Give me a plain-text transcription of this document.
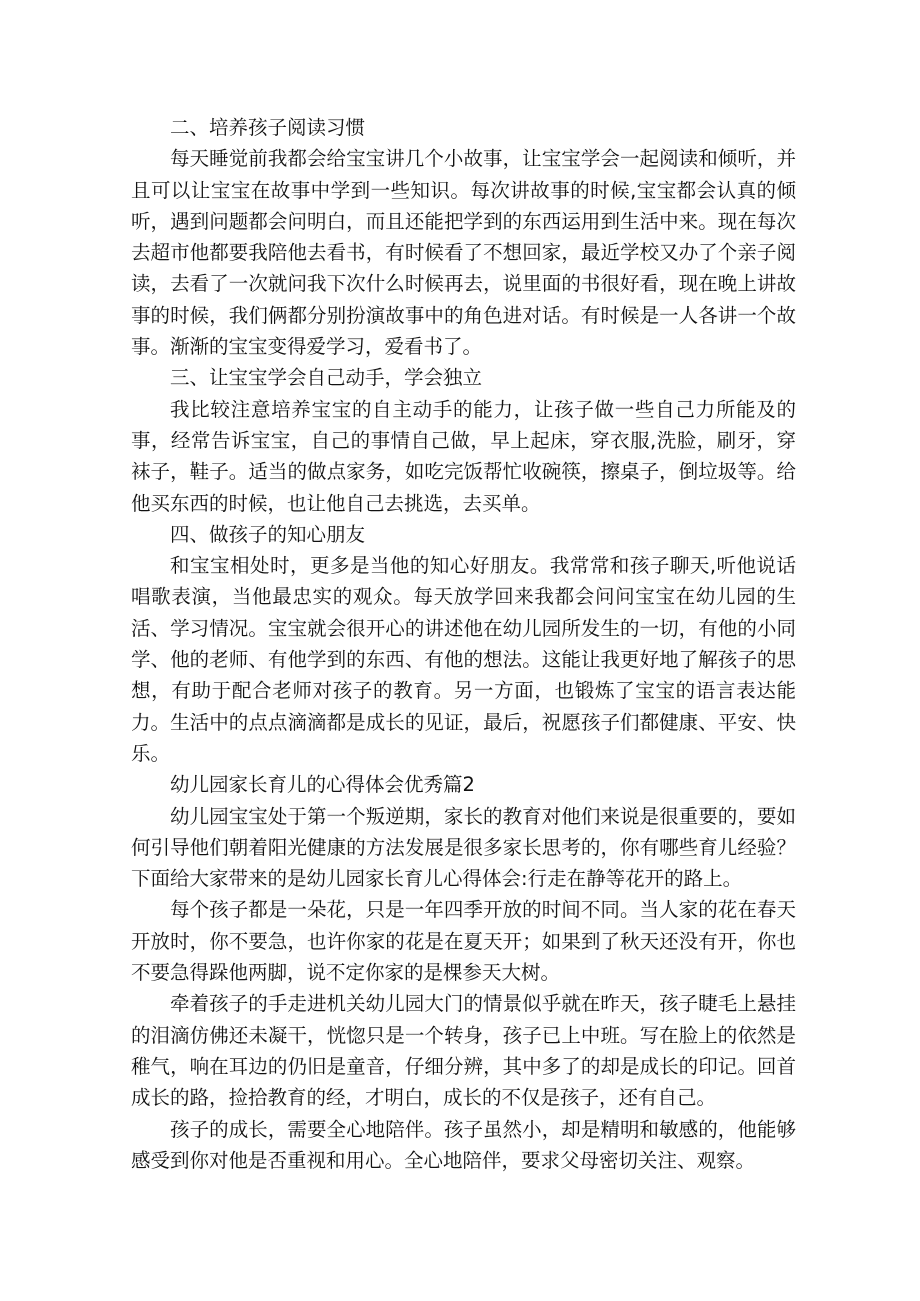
二、培养孩子阅读习惯

每天睡觉前我都会给宝宝讲几个小故事，让宝宝学会一起阅读和倾听，并且可以让宝宝在故事中学到一些知识。每次讲故事的时候,宝宝都会认真的倾听，遇到问题都会问明白，而且还能把学到的东西运用到生活中来。现在每次去超市他都要我陪他去看书，有时候看了不想回家，最近学校又办了个亲子阅读，去看了一次就问我下次什么时候再去，说里面的书很好看，现在晚上讲故事的时候，我们俩都分别扮演故事中的角色进对话。有时候是一人各讲一个故事。渐渐的宝宝变得爱学习，爱看书了。

三、让宝宝学会自己动手，学会独立

我比较注意培养宝宝的自主动手的能力，让孩子做一些自己力所能及的事，经常告诉宝宝，自己的事情自己做，早上起床，穿衣服,洗脸，刷牙，穿袜子，鞋子。适当的做点家务，如吃完饭帮忙收碗筷，擦桌子，倒垃圾等。给他买东西的时候，也让他自己去挑选，去买单。

四、做孩子的知心朋友

和宝宝相处时，更多是当他的知心好朋友。我常常和孩子聊天,听他说话唱歌表演，当他最忠实的观众。每天放学回来我都会问问宝宝在幼儿园的生活、学习情况。宝宝就会很开心的讲述他在幼儿园所发生的一切，有他的小同学、他的老师、有他学到的东西、有他的想法。这能让我更好地了解孩子的思想，有助于配合老师对孩子的教育。另一方面，也锻炼了宝宝的语言表达能力。生活中的点点滴滴都是成长的见证，最后，祝愿孩子们都健康、平安、快乐。

幼儿园家长育儿的心得体会优秀篇2

幼儿园宝宝处于第一个叛逆期，家长的教育对他们来说是很重要的，要如何引导他们朝着阳光健康的方法发展是很多家长思考的，你有哪些育儿经验？下面给大家带来的是幼儿园家长育儿心得体会:行走在静等花开的路上。

每个孩子都是一朵花，只是一年四季开放的时间不同。当人家的花在春天开放时，你不要急，也许你家的花是在夏天开；如果到了秋天还没有开，你也不要急得跺他两脚，说不定你家的是棵参天大树。

牵着孩子的手走进机关幼儿园大门的情景似乎就在昨天，孩子睫毛上悬挂的泪滴仿佛还未凝干，恍惚只是一个转身，孩子已上中班。写在脸上的依然是稚气，响在耳边的仍旧是童音，仔细分辨，其中多了的却是成长的印记。回首成长的路，捡拾教育的经，才明白，成长的不仅是孩子，还有自己。

孩子的成长，需要全心地陪伴。孩子虽然小，却是精明和敏感的，他能够感受到你对他是否重视和用心。全心地陪伴，要求父母密切关注、观察。
